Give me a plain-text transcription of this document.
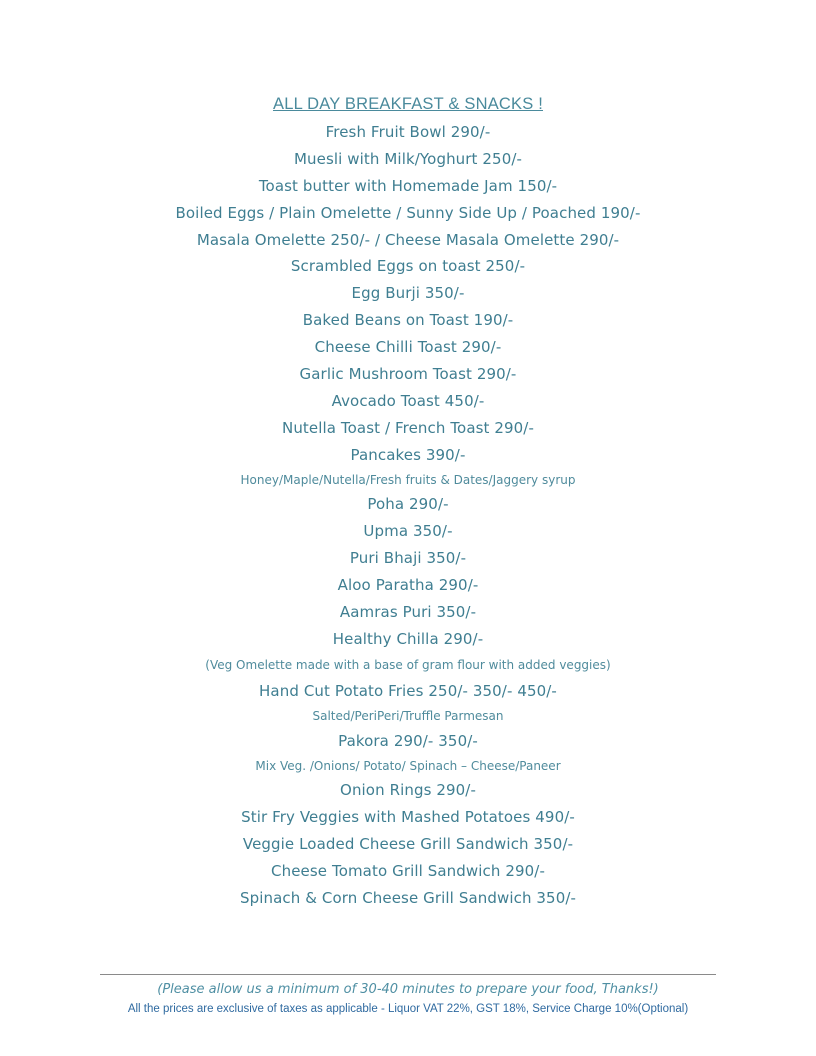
ALL DAY BREAKFAST & SNACKS !
Fresh Fruit Bowl 290/-
Muesli with Milk/Yoghurt 250/-
Toast butter with Homemade Jam 150/-
Boiled Eggs / Plain Omelette / Sunny Side Up / Poached 190/-
Masala Omelette 250/- / Cheese Masala Omelette 290/-
Scrambled Eggs on toast 250/-
Egg Burji 350/-
Baked Beans on Toast 190/-
Cheese Chilli Toast 290/-
Garlic Mushroom Toast 290/-
Avocado Toast 450/-
Nutella Toast / French Toast 290/-
Pancakes 390/-
Honey/Maple/Nutella/Fresh fruits & Dates/Jaggery syrup
Poha 290/-
Upma 350/-
Puri Bhaji 350/-
Aloo Paratha 290/-
Aamras Puri 350/-
Healthy Chilla 290/-
(Veg Omelette made with a base of gram flour with added veggies)
Hand Cut Potato Fries 250/- 350/- 450/-
Salted/PeriPeri/Truffle Parmesan
Pakora 290/- 350/-
Mix Veg. /Onions/ Potato/ Spinach – Cheese/Paneer
Onion Rings 290/-
Stir Fry Veggies with Mashed Potatoes 490/-
Veggie Loaded Cheese Grill Sandwich 350/-
Cheese Tomato Grill Sandwich 290/-
Spinach & Corn Cheese Grill Sandwich 350/-
(Please allow us a minimum of 30-40 minutes to prepare your food, Thanks!)
All the prices are exclusive of taxes as applicable - Liquor VAT 22%, GST 18%, Service Charge 10%(Optional)
